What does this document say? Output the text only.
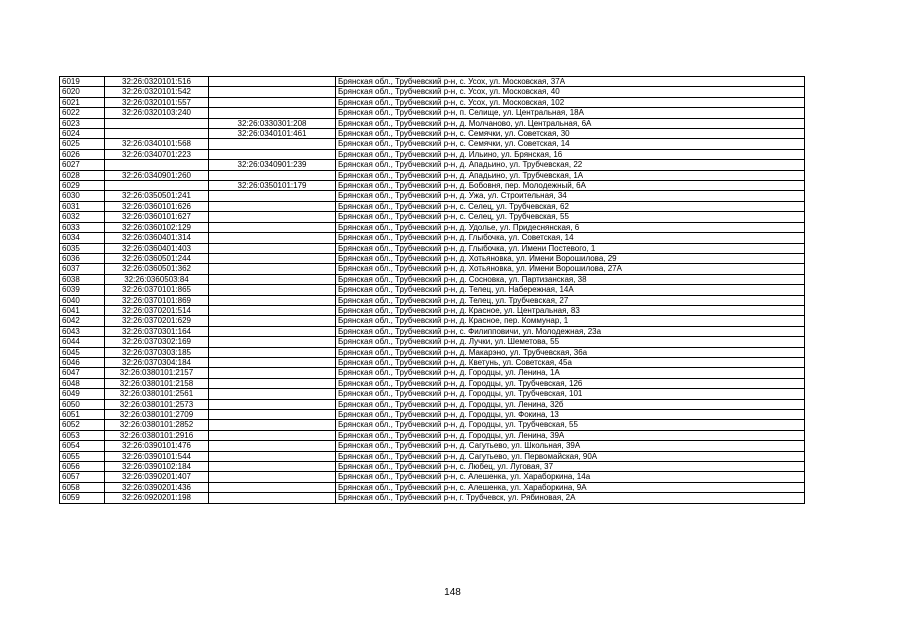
6019	32:26:0320101:516		Брянская обл., Трубчевский р-н, с. Усох, ул. Московская, 37А
6020	32:26:0320101:542		Брянская обл., Трубчевский р-н, с. Усох, ул. Московская, 40
6021	32:26:0320101:557		Брянская обл., Трубчевский р-н, с. Усох, ул. Московская, 102
6022	32:26:0320103:240		Брянская обл., Трубчевский р-н, п. Селище, ул. Центральная, 18А
6023		32:26:0330301:208	Брянская обл., Трубчевский р-н, д. Молчаново, ул. Центральная, 6А
6024		32:26:0340101:461	Брянская обл., Трубчевский р-н, с. Семячки, ул. Советская, 30
6025	32:26:0340101:568		Брянская обл., Трубчевский р-н, с. Семячки, ул. Советская, 14
6026	32:26:0340701:223		Брянская обл., Трубчевский р-н, д. Ильино, ул. Брянская, 16
6027		32:26:0340901:239	Брянская обл., Трубчевский р-н, д. Ападьино, ул. Трубчевская, 22
6028	32:26:0340901:260		Брянская обл., Трубчевский р-н, д. Ападьино, ул. Трубчевская, 1А
6029		32:26:0350101:179	Брянская обл., Трубчевский р-н, д. Бобовня, пер. Молодежный, 6А
6030	32:26:0350501:241		Брянская обл., Трубчевский р-н, д. Ужа, ул. Строительная, 34
6031	32:26:0360101:626		Брянская обл., Трубчевский р-н, с. Селец, ул. Трубчевская, 62
6032	32:26:0360101:627		Брянская обл., Трубчевский р-н, с. Селец, ул. Трубчевская, 55
6033	32:26:0360102:129		Брянская обл., Трубчевский р-н, д. Удолье, ул. Придеснянская, 6
6034	32:26:0360401:314		Брянская обл., Трубчевский р-н, д. Глыбочка, ул. Советская, 14
6035	32:26:0360401:403		Брянская обл., Трубчевский р-н, д. Глыбочка, ул. Имени Постевого, 1
6036	32:26:0360501:244		Брянская обл., Трубчевский р-н, д. Хотьяновка, ул. Имени Ворошилова, 29
6037	32:26:0360501:362		Брянская обл., Трубчевский р-н, д. Хотьяновка, ул. Имени Ворошилова, 27А
6038	32:26:0360503:84		Брянская обл., Трубчевский р-н, д. Сосновка, ул. Партизанская, 38
6039	32:26:0370101:865		Брянская обл., Трубчевский р-н, д. Телец, ул. Набережная, 14А
6040	32:26:0370101:869		Брянская обл., Трубчевский р-н, д. Телец, ул. Трубчевская, 27
6041	32:26:0370201:514		Брянская обл., Трубчевский р-н, д. Красное, ул. Центральная, 83
6042	32:26:0370201:629		Брянская обл., Трубчевский р-н, д. Красное, пер. Коммунар, 1
6043	32:26:0370301:164		Брянская обл., Трубчевский р-н, с. Филипповичи, ул. Молодежная, 23а
6044	32:26:0370302:169		Брянская обл., Трубчевский р-н, д. Лучки, ул. Шеметова, 55
6045	32:26:0370303:185		Брянская обл., Трубчевский р-н, д. Макарэно, ул. Трубчевская, 36а
6046	32:26:0370304:184		Брянская обл., Трубчевский р-н, д. Кветунь, ул. Советская, 45а
6047	32:26:0380101:2157		Брянская обл., Трубчевский р-н, д. Городцы, ул. Ленина, 1А
6048	32:26:0380101:2158		Брянская обл., Трубчевский р-н, д. Городцы, ул. Трубчевская, 126
6049	32:26:0380101:2561		Брянская обл., Трубчевский р-н, д. Городцы, ул. Трубчевская, 101
6050	32:26:0380101:2573		Брянская обл., Трубчевский р-н, д. Городцы, ул. Ленина, 32б
6051	32:26:0380101:2709		Брянская обл., Трубчевский р-н, д. Городцы, ул. Фокина, 13
6052	32:26:0380101:2852		Брянская обл., Трубчевский р-н, д. Городцы, ул. Трубчевская, 55
6053	32:26:0380101:2916		Брянская обл., Трубчевский р-н, д. Городцы, ул. Ленина, 39А
6054	32:26:0390101:476		Брянская обл., Трубчевский р-н, д. Сагутьево, ул. Школьная, 39А
6055	32:26:0390101:544		Брянская обл., Трубчевский р-н, д. Сагутьево, ул. Первомайская, 90А
6056	32:26:0390102:184		Брянская обл., Трубчевский р-н, с. Любец, ул. Луговая, 37
6057	32:26:0390201:407		Брянская обл., Трубчевский р-н, с. Алешенка, ул. Хараборкина, 14а
6058	32:26:0390201:436		Брянская обл., Трубчевский р-н, с. Алешенка, ул. Хараборкина, 9А
6059	32:26:0920201:198		Брянская обл., Трубчевский р-н, г. Трубчевск, ул. Рябиновая, 2А
148
